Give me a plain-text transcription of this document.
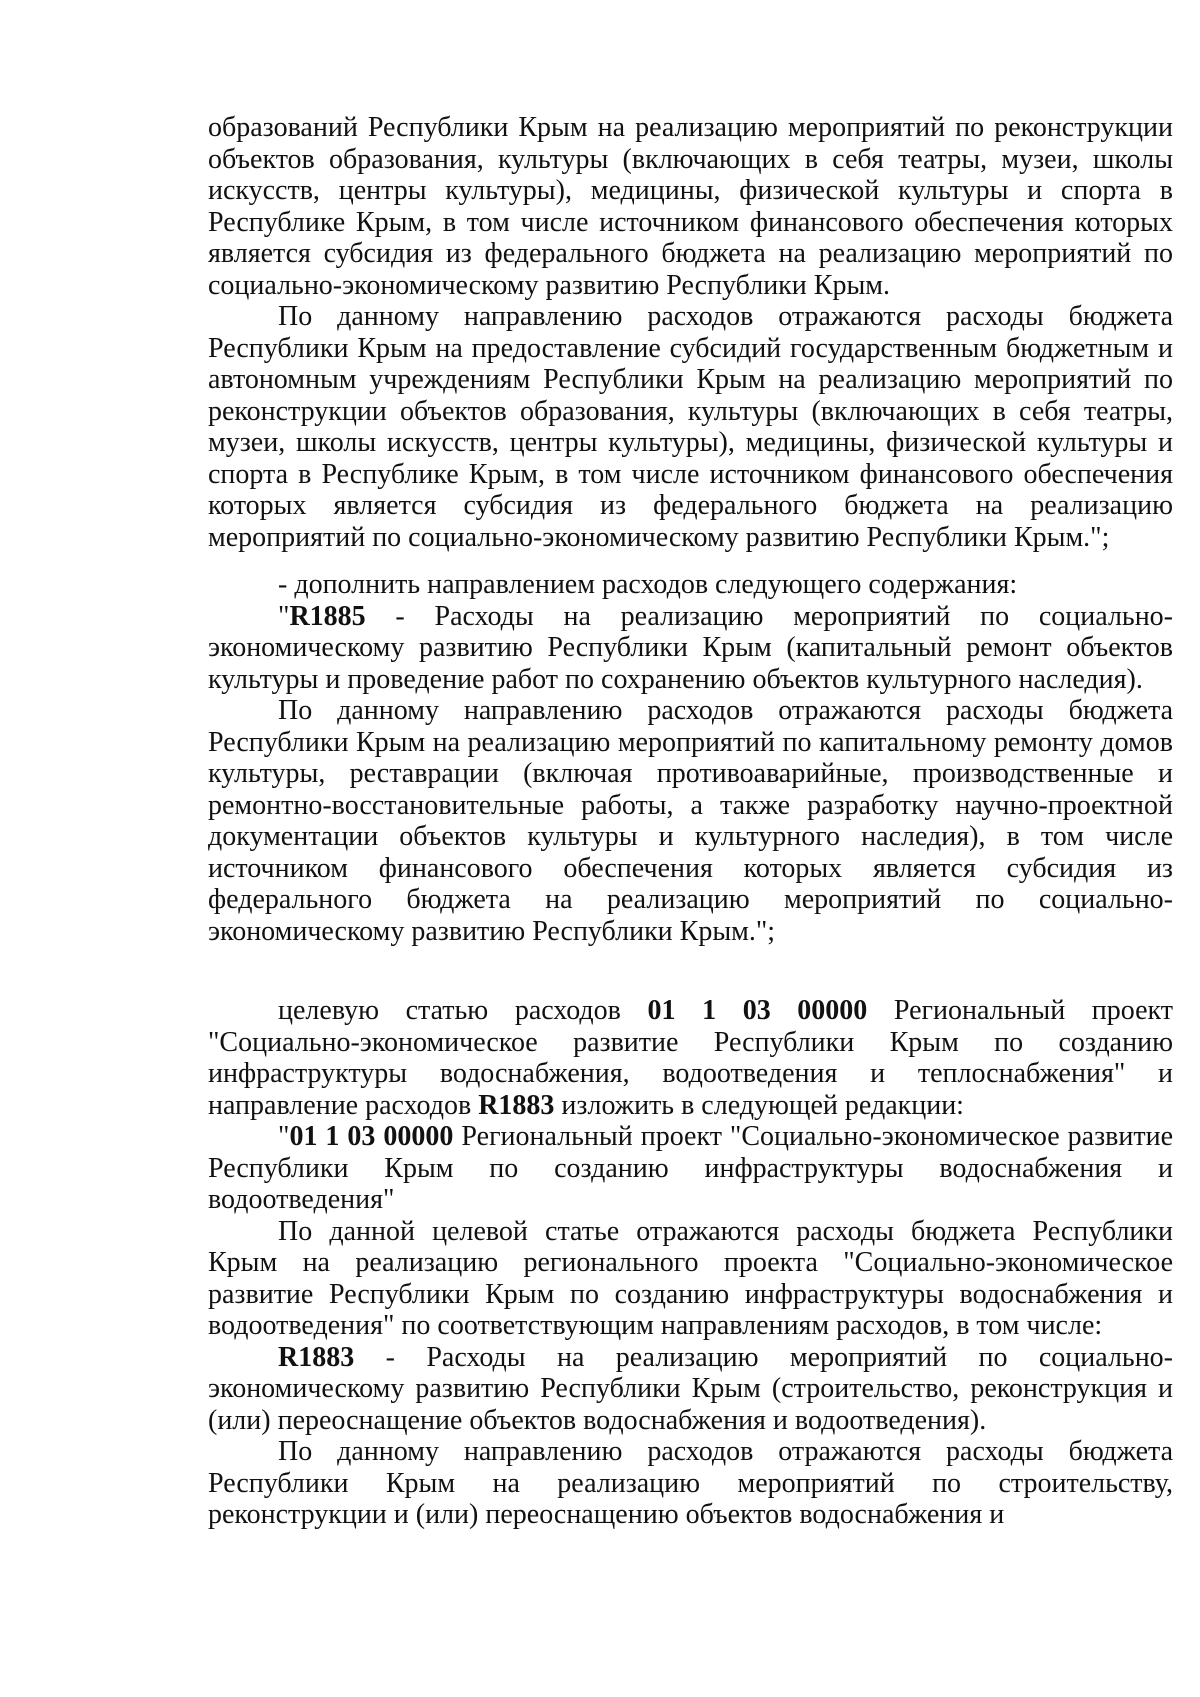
образований Республики Крым на реализацию мероприятий по реконструкции объектов образования, культуры (включающих в себя театры, музеи, школы искусств, центры культуры), медицины, физической культуры и спорта в Республике Крым, в том числе источником финансового обеспечения которых является субсидия из федерального бюджета на реализацию мероприятий по социально-экономическому развитию Республики Крым.

По данному направлению расходов отражаются расходы бюджета Республики Крым на предоставление субсидий государственным бюджетным и автономным учреждениям Республики Крым на реализацию мероприятий по реконструкции объектов образования, культуры (включающих в себя театры, музеи, школы искусств, центры культуры), медицины, физической культуры и спорта в Республике Крым, в том числе источником финансового обеспечения которых является субсидия из федерального бюджета на реализацию мероприятий по социально-экономическому развитию Республики Крым.";

- дополнить направлением расходов следующего содержания:

"R1885 - Расходы на реализацию мероприятий по социально-экономическому развитию Республики Крым (капитальный ремонт объектов культуры и проведение работ по сохранению объектов культурного наследия).

По данному направлению расходов отражаются расходы бюджета Республики Крым на реализацию мероприятий по капитальному ремонту домов культуры, реставрации (включая противоаварийные, производственные и ремонтно-восстановительные работы, а также разработку научно-проектной документации объектов культуры и культурного наследия), в том числе источником финансового обеспечения которых является субсидия из федерального бюджета на реализацию мероприятий по социально-экономическому развитию Республики Крым.";

целевую статью расходов 01 1 03 00000 Региональный проект "Социально-экономическое развитие Республики Крым по созданию инфраструктуры водоснабжения, водоотведения и теплоснабжения" и направление расходов R1883 изложить в следующей редакции:

"01 1 03 00000 Региональный проект "Социально-экономическое развитие Республики Крым по созданию инфраструктуры водоснабжения и водоотведения"

По данной целевой статье отражаются расходы бюджета Республики Крым на реализацию регионального проекта "Социально-экономическое развитие Республики Крым по созданию инфраструктуры водоснабжения и водоотведения" по соответствующим направлениям расходов, в том числе:

R1883 - Расходы на реализацию мероприятий по социально-экономическому развитию Республики Крым (строительство, реконструкция и (или) переоснащение объектов водоснабжения и водоотведения).

По данному направлению расходов отражаются расходы бюджета Республики Крым на реализацию мероприятий по строительству, реконструкции и (или) переоснащению объектов водоснабжения и
